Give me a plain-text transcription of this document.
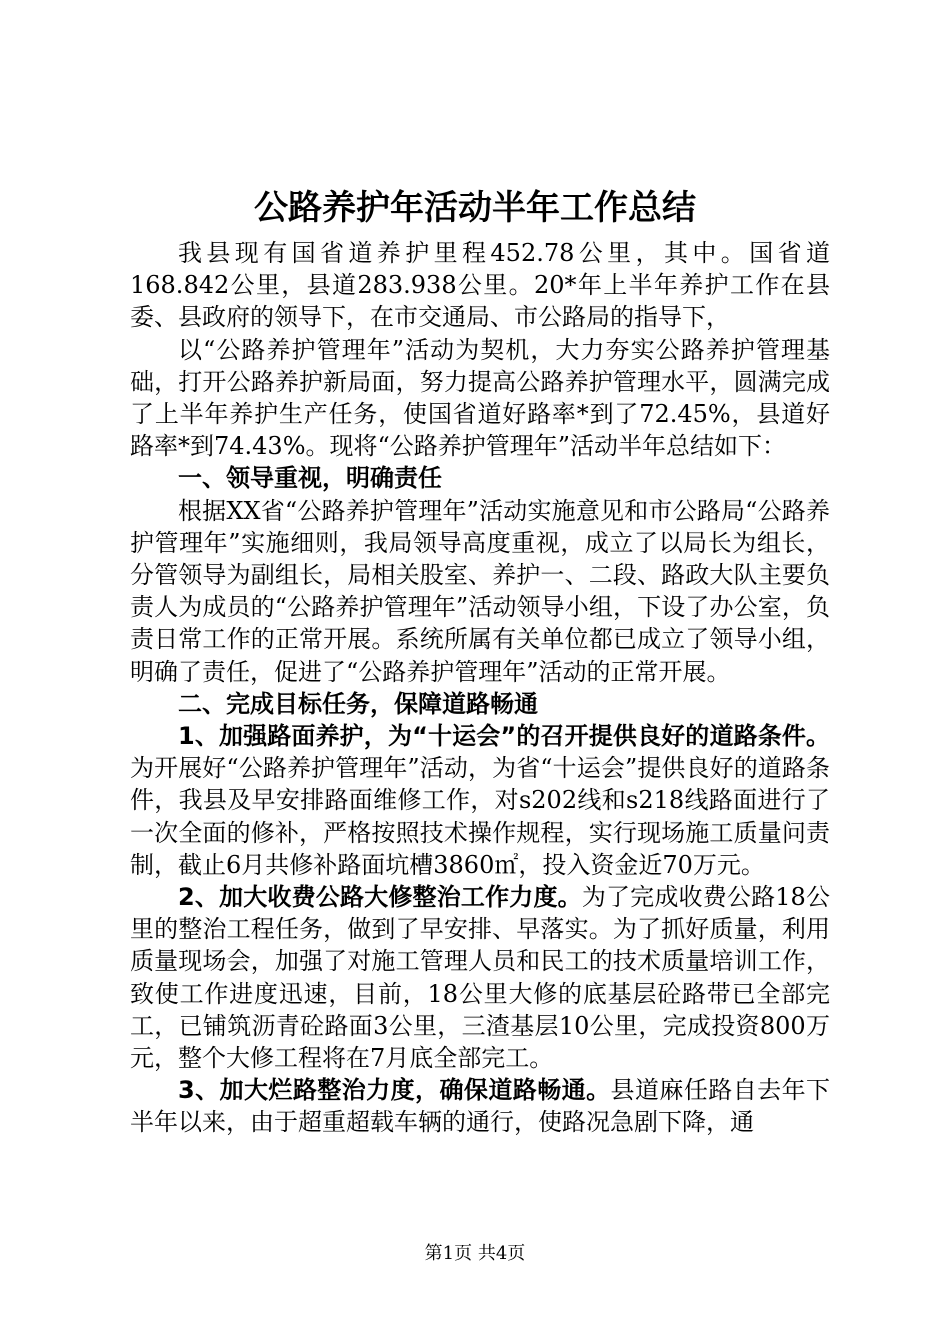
公路养护年活动半年工作总结

我县现有国省道养护里程452.78公里，其中。国省道168.842公里，县道283.938公里。20*年上半年养护工作在县委、县政府的领导下，在市交通局、市公路局的指导下，

以“公路养护管理年”活动为契机，大力夯实公路养护管理基础，打开公路养护新局面，努力提高公路养护管理水平，圆满完成了上半年养护生产任务，使国省道好路率*到了72.45%，县道好路率*到74.43%。现将“公路养护管理年”活动半年总结如下：

一、领导重视，明确责任

根据XX省“公路养护管理年”活动实施意见和市公路局“公路养护管理年”实施细则，我局领导高度重视，成立了以局长为组长，分管领导为副组长，局相关股室、养护一、二段、路政大队主要负责人为成员的“公路养护管理年”活动领导小组，下设了办公室，负责日常工作的正常开展。系统所属有关单位都已成立了领导小组，明确了责任，促进了“公路养护管理年”活动的正常开展。

二、完成目标任务，保障道路畅通

1、加强路面养护，为“十运会”的召开提供良好的道路条件。为开展好“公路养护管理年”活动，为省“十运会”提供良好的道路条件，我县及早安排路面维修工作，对s202线和s218线路面进行了一次全面的修补，严格按照技术操作规程，实行现场施工质量问责制，截止6月共修补路面坑槽3860㎡，投入资金近70万元。

2、加大收费公路大修整治工作力度。为了完成收费公路18公里的整治工程任务，做到了早安排、早落实。为了抓好质量，利用质量现场会，加强了对施工管理人员和民工的技术质量培训工作，致使工作进度迅速，目前，18公里大修的底基层砼路带已全部完工，已铺筑沥青砼路面3公里，三渣基层10公里，完成投资800万元，整个大修工程将在7月底全部完工。

3、加大烂路整治力度，确保道路畅通。县道麻任路自去年下半年以来，由于超重超载车辆的通行，使路况急剧下降，通

第1页 共4页
